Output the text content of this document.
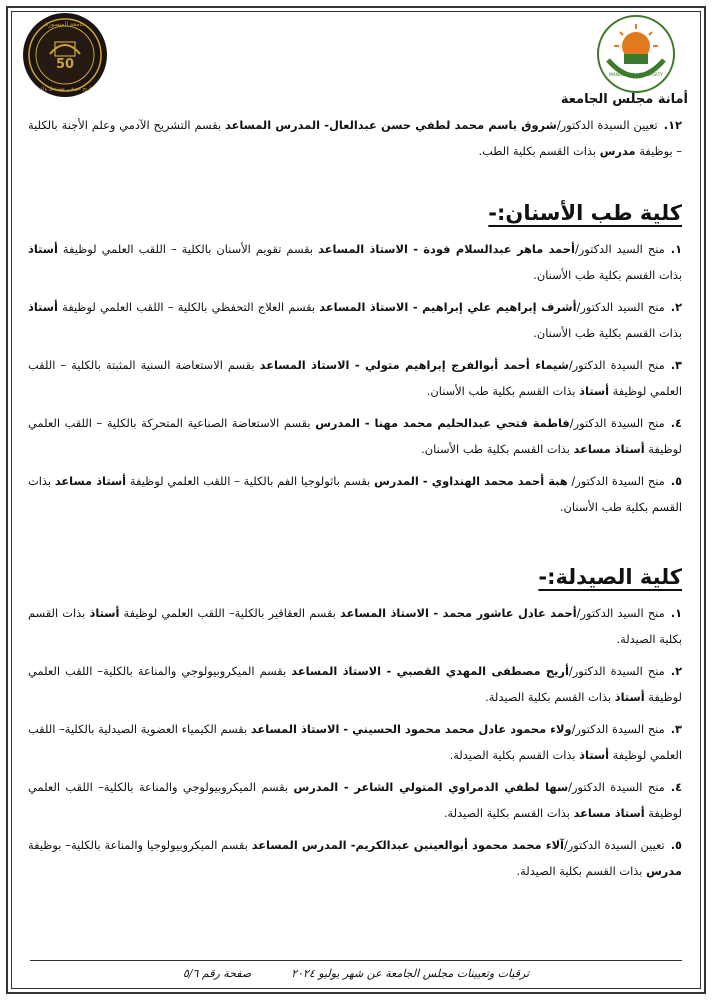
50
جامعة المنصورة
تاريخ عريق.. مستقبل واعد
MANSOURA UNIVERSITY
أمانة مجلس الجامعة

١٢.تعيين السيدة الدكتور/شروق باسم محمد لطفي حسن عبدالعال- المدرس المساعد بقسم التشريح الآدمي وعلم الأجنة بالكلية – بوظيفة مدرس بذات القسم بكلية الطب.

كلية طب الأسنان:-

١.منح السيد الدكتور/أحمد ماهر عبدالسلام فودة - الاستاذ المساعد بقسم تقويم الأسنان بالكلية – اللقب العلمي لوظيفة أستاذ بذات القسم بكلية طب الأسنان.

٢.منح السيد الدكتور/أشرف إبراهيم علي إبراهيم - الاستاذ المساعد بقسم العلاج التحفظي بالكلية – اللقب العلمي لوظيفة أستاذ بذات القسم بكلية طب الأسنان.

٣.منح السيدة الدكتور/شيماء أحمد أبوالفرج إبراهيم متولي - الاستاذ المساعد بقسم الاستعاضة السنية المثبتة بالكلية – اللقب العلمي لوظيفة أستاذ بذات القسم بكلية طب الأسنان.

٤.منح السيدة الدكتور/فاطمة فتحي عبدالحليم محمد مهنا - المدرس بقسم الاستعاضة الصناعية المتحركة بالكلية – اللقب العلمي لوظيفة أستاذ مساعد بذات القسم بكلية طب الأسنان.

٥.منح السيدة الدكتور/ هبة أحمد محمد الهنداوي - المدرس بقسم باثولوجيا الفم بالكلية – اللقب العلمي لوظيفة أستاذ مساعد بذات القسم بكلية طب الأسنان.

كلية الصيدلة:-

١.منح السيد الدكتور/أحمد عادل عاشور محمد - الاستاذ المساعد بقسم العقاقير بالكلية– اللقب العلمي لوظيفة أستاذ بذات القسم بكلية الصيدلة.

٢.منح السيدة الدكتور/أريج مصطفى المهدي القصبي - الاستاذ المساعد بقسم الميكروبيولوجي والمناعة بالكلية– اللقب العلمي لوظيفة أستاذ بذات القسم بكلية الصيدلة.

٣.منح السيدة الدكتور/ولاء محمود عادل محمد محمود الحسيني - الاستاذ المساعد بقسم الكيمياء العضوية الصيدلية بالكلية– اللقب العلمي لوظيفة أستاذ بذات القسم بكلية الصيدلة.

٤.منح السيدة الدكتور/سها لطفي الدمراوي المتولي الشاعر - المدرس بقسم الميكروبيولوجي والمناعة بالكلية– اللقب العلمي لوظيفة أستاذ مساعد بذات القسم بكلية الصيدلة.

٥.تعيين السيدة الدكتور/آلاء محمد محمود أبوالعينين عبدالكريم- المدرس المساعد بقسم الميكروبيولوجيا والمناعة بالكلية– بوظيفة مدرس بذات القسم بكلية الصيدلة.

ترقيات وتعيينات مجلس الجامعة عن شهر يوليو ٢٠٢٤
صفحة رقم ٥/٦
